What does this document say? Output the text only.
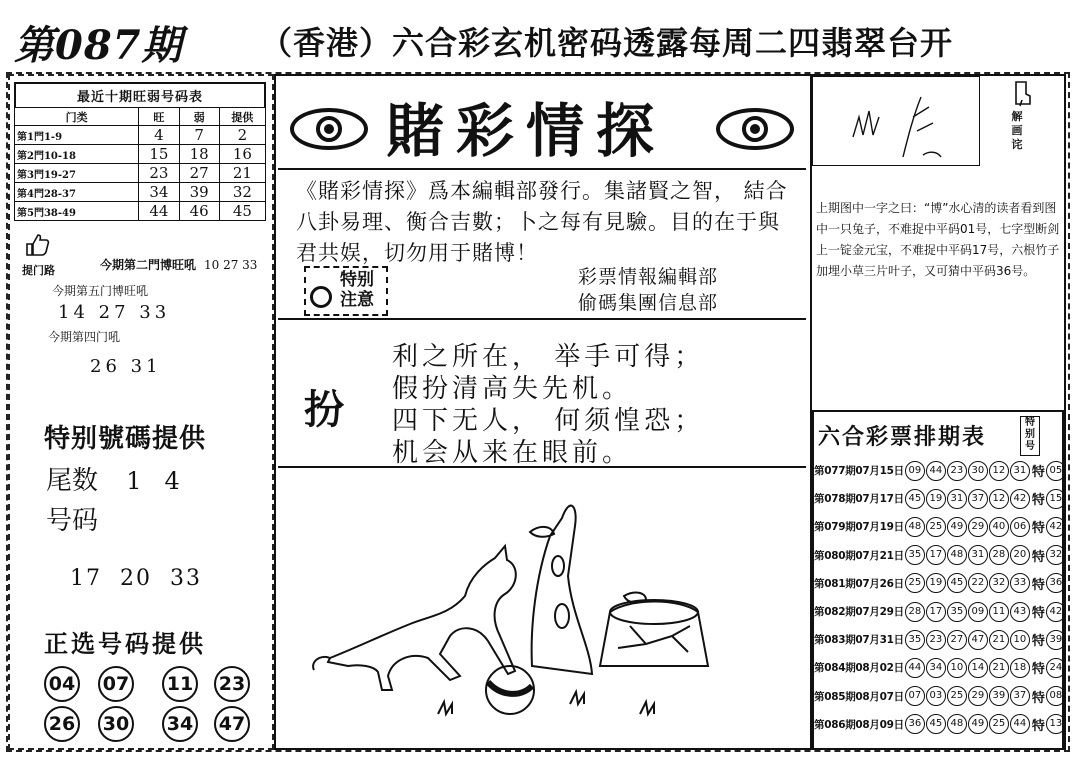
第087期 （香港）六合彩玄机密码透露每周二四翡翠台开
最近十期旺弱号码表
门类	旺	弱	提供
第1門1-9	4	7	2
第2門10-18	15	18	16
第3門19-27	23	27	21
第4門28-37	34	39	32
第5門38-49	44	46	45
提门路	今期第二門博旺吼 10 27 33
今期第五门博旺吼
14 27 33
今期第四门吼
26 31
特别號碼提供
尾数 1   4
号码
17  20  33
正选号码提供
04 07 11 23
26 30 34 47
賭彩情探
《賭彩情探》爲本編輯部發行。集諸賢之智， 結合八卦易理、衡合吉數；卜之每有見驗。目的在于與君共娱，切勿用于賭博！
特别
注意
彩票情報編輯部
偷碼集團信息部
扮
利之所在， 举手可得；
假扮清高失先机。
四下无人， 何须惶恐；
机会从来在眼前。
解画诧
上期图中一字之曰：“博”水心清的读者看到图中一只兔子，不难捉中平码01号，七字型断剑上一锭金元宝，不难捉中平码17号，六根竹子加埋小草三片叶子，又可猜中平码36号。
六合彩票排期表
特别号
第077期07月15日 09 44 23 30 12 31 特 05
第078期07月17日 45 19 31 37 12 42 特 15
第079期07月19日 48 25 49 29 40 06 特 42
第080期07月21日 35 17 48 31 28 20 特 32
第081期07月26日 25 19 45 22 32 33 特 36
第082期07月29日 28 17 35 09 11 43 特 42
第083期07月31日 35 23 27 47 21 10 特 39
第084期08月02日 44 34 10 14 21 18 特 24
第085期08月07日 07 03 25 29 39 37 特 08
第086期08月09日 36 45 48 49 25 44 特 13
